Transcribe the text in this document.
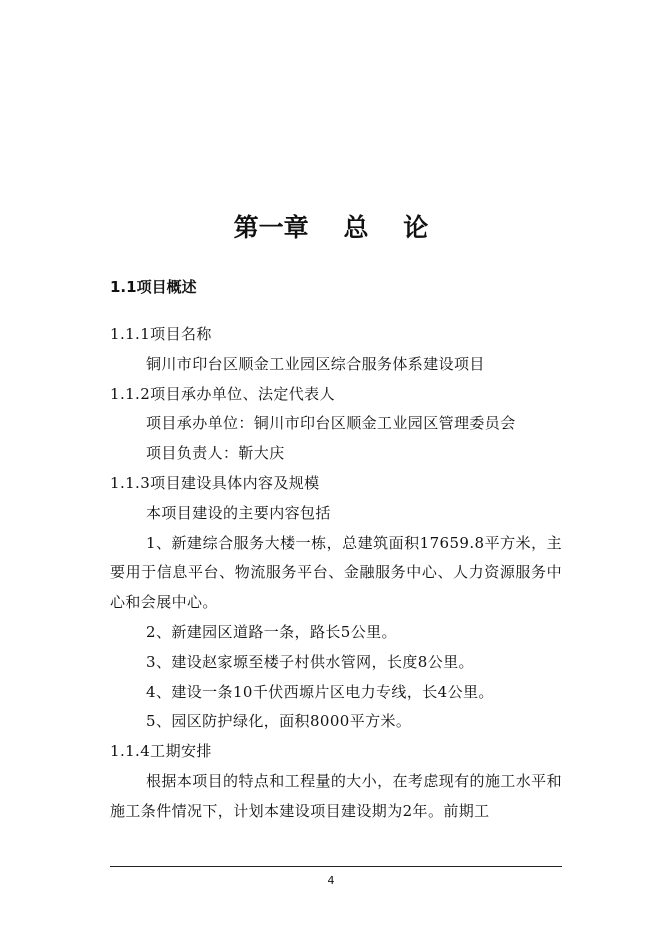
第一章    总    论
1.1项目概述
1.1.1项目名称
铜川市印台区顺金工业园区综合服务体系建设项目
1.1.2项目承办单位、法定代表人
项目承办单位：铜川市印台区顺金工业园区管理委员会
项目负责人：靳大庆
1.1.3项目建设具体内容及规模
本项目建设的主要内容包括
1、新建综合服务大楼一栋，总建筑面积17659.8平方米，主要用于信息平台、物流服务平台、金融服务中心、人力资源服务中心和会展中心。
2、新建园区道路一条，路长5公里。
3、建设赵家塬至楼子村供水管网，长度8公里。
4、建设一条10千伏西塬片区电力专线，长4公里。
5、园区防护绿化，面积8000平方米。
1.1.4工期安排
根据本项目的特点和工程量的大小，在考虑现有的施工水平和施工条件情况下，计划本建设项目建设期为2年。前期工
4
